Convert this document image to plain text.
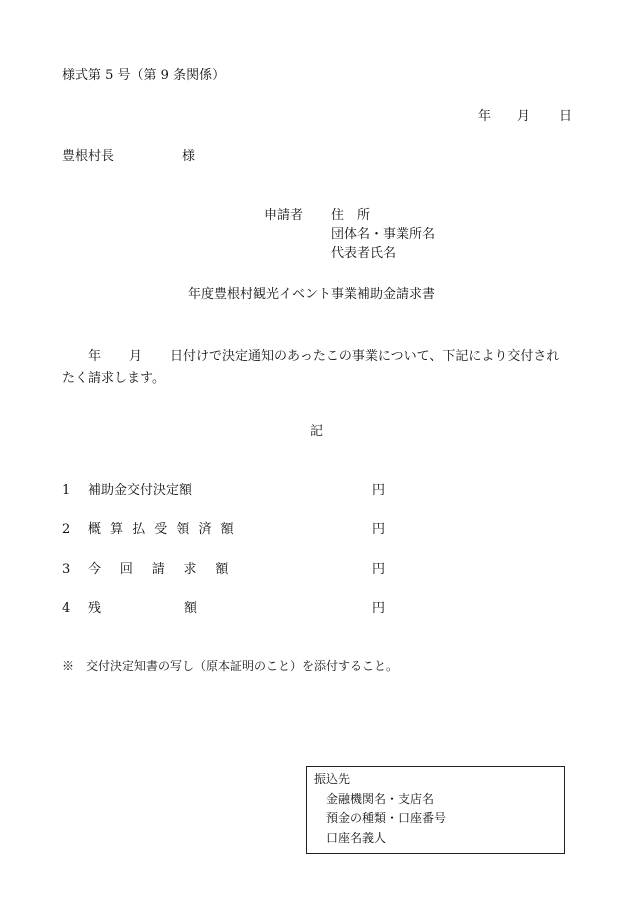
様式第 5 号（第 9 条関係）
年 月 日
豊根村長	様
申請者 住　所
団体名・事業所名
代表者氏名
年度豊根村観光イベント事業補助金請求書
年 月 日付けで決定通知のあったこの事業について、下記により交付され
たく請求します。
記
1 補助金交付決定額	円
2 概算払受領済額	円
3 今回請求額	円
4 残	額	円
※　交付決定知書の写し（原本証明のこと）を添付すること。
振込先
金融機関名・支店名
預金の種類・口座番号
口座名義人
